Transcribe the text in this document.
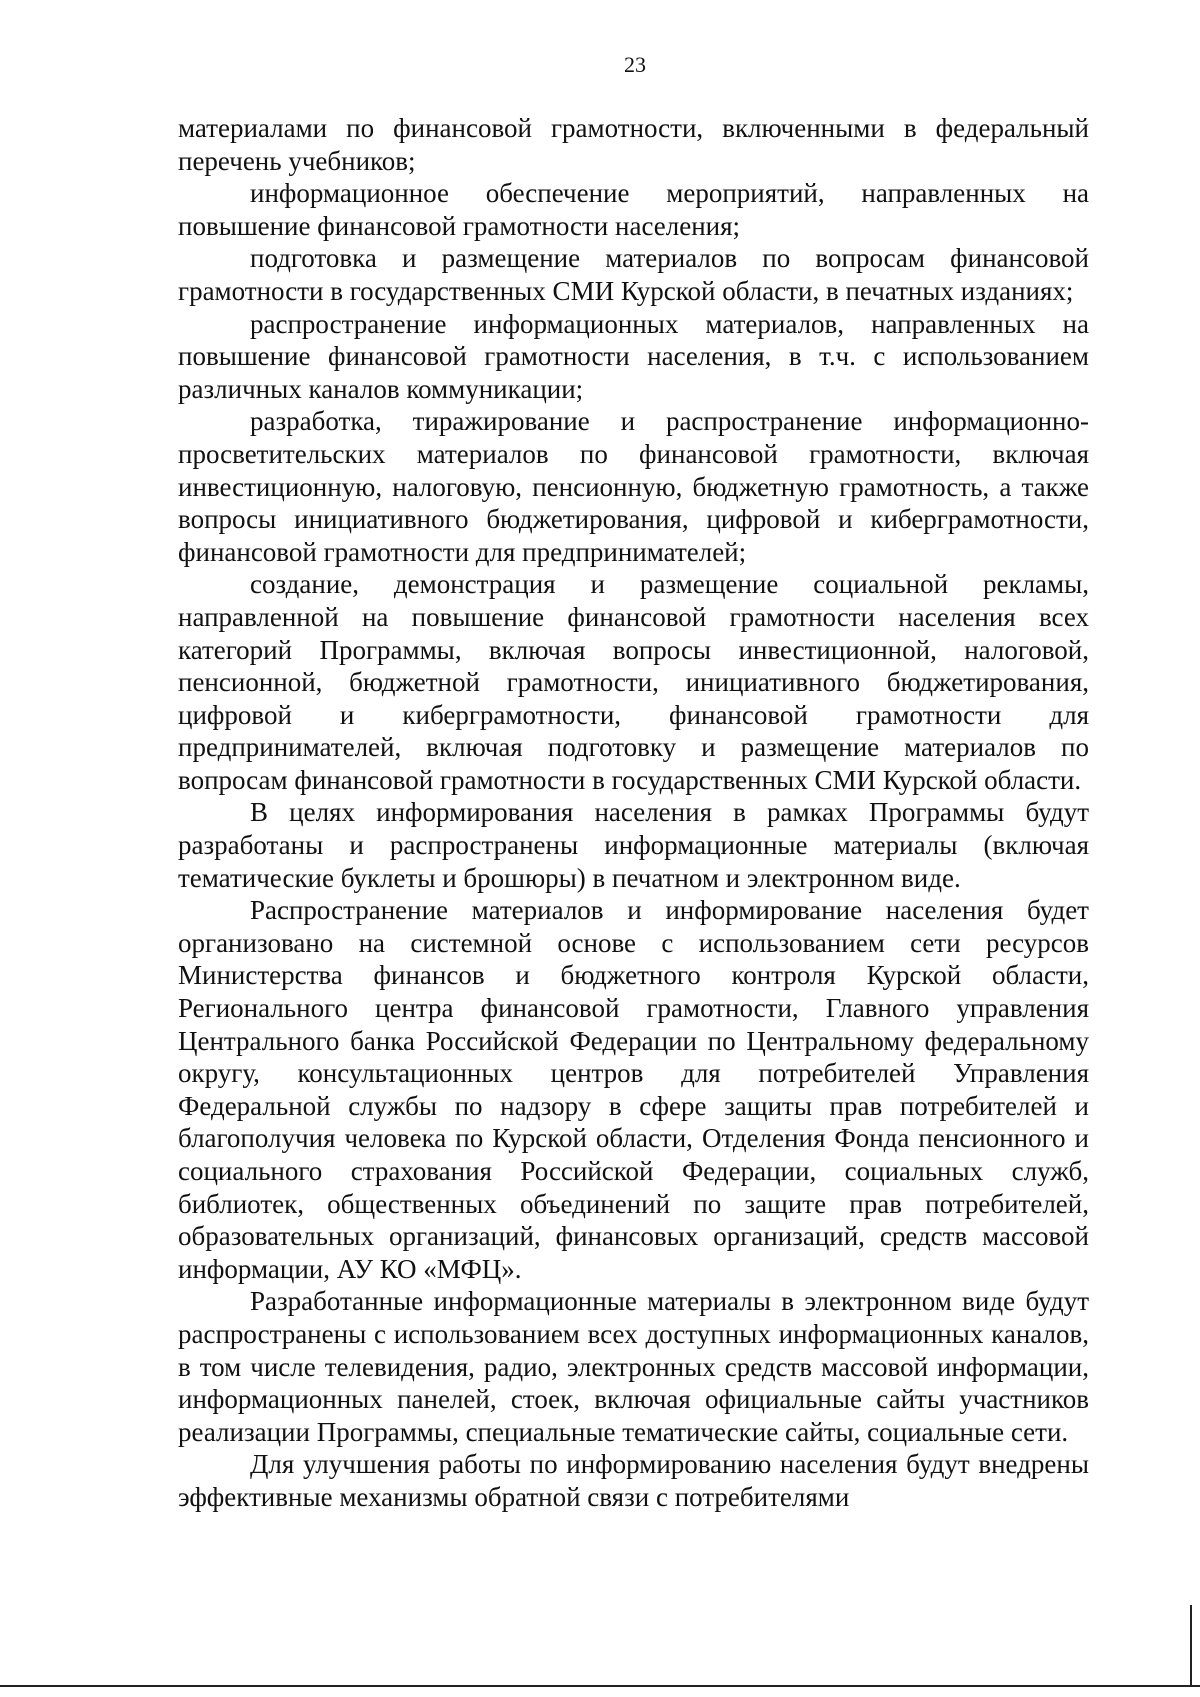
23

материалами по финансовой грамотности, включенными в федеральный перечень учебников;

информационное обеспечение мероприятий, направленных на повышение финансовой грамотности населения;

подготовка и размещение материалов по вопросам финансовой грамотности в государственных СМИ Курской области, в печатных изданиях;

распространение информационных материалов, направленных на повышение финансовой грамотности населения, в т.ч. с использованием различных каналов коммуникации;

разработка, тиражирование и распространение информационно-просветительских материалов по финансовой грамотности, включая инвестиционную, налоговую, пенсионную, бюджетную грамотность, а также вопросы инициативного бюджетирования, цифровой и киберграмотности, финансовой грамотности для предпринимателей;

создание, демонстрация и размещение социальной рекламы, направленной на повышение финансовой грамотности населения всех категорий Программы, включая вопросы инвестиционной, налоговой, пенсионной, бюджетной грамотности, инициативного бюджетирования, цифровой и киберграмотности, финансовой грамотности для предпринимателей, включая подготовку и размещение материалов по вопросам финансовой грамотности в государственных СМИ Курской области.

В целях информирования населения в рамках Программы будут разработаны и распространены информационные материалы (включая тематические буклеты и брошюры) в печатном и электронном виде.

Распространение материалов и информирование населения будет организовано на системной основе с использованием сети ресурсов Министерства финансов и бюджетного контроля Курской области, Регионального центра финансовой грамотности, Главного управления Центрального банка Российской Федерации по Центральному федеральному округу, консультационных центров для потребителей Управления Федеральной службы по надзору в сфере защиты прав потребителей и благополучия человека по Курской области, Отделения Фонда пенсионного и социального страхования Российской Федерации, социальных служб, библиотек, общественных объединений по защите прав потребителей, образовательных организаций, финансовых организаций, средств массовой информации, АУ КО «МФЦ».

Разработанные информационные материалы в электронном виде будут распространены с использованием всех доступных информационных каналов, в том числе телевидения, радио, электронных средств массовой информации, информационных панелей, стоек, включая официальные сайты участников реализации Программы, специальные тематические сайты, социальные сети.

Для улучшения работы по информированию населения будут внедрены эффективные механизмы обратной связи с потребителями
